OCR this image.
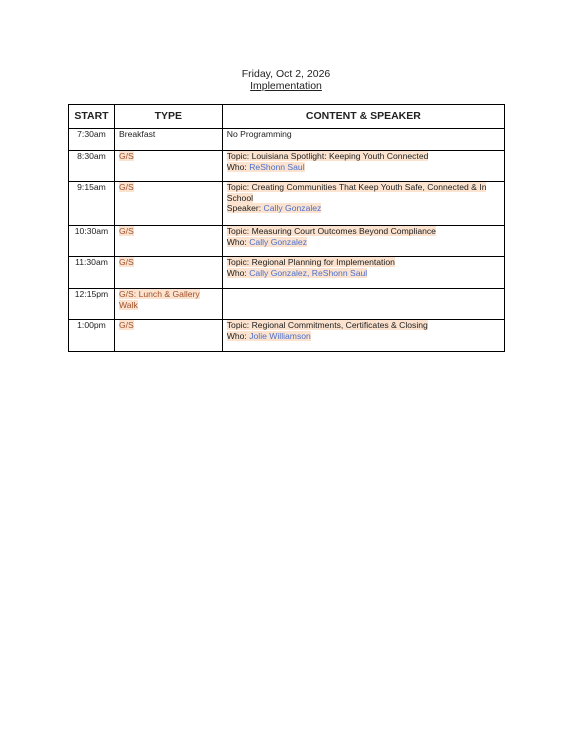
Friday, Oct 2, 2026
Implementation
START	TYPE	CONTENT & SPEAKER
7:30am	Breakfast	No Programming

8:30am	G/S	Topic: Louisiana Spotlight: Keeping Youth Connected
Who: ReShonn Saul

9:15am	G/S	Topic: Creating Communities That Keep Youth Safe, Connected & In School
Speaker: Cally Gonzalez

10:30am	G/S	Topic: Measuring Court Outcomes Beyond Compliance
Who: Cally Gonzalez

11:30am	G/S	Topic: Regional Planning for Implementation
Who: Cally Gonzalez, ReShonn Saul

12:15pm	G/S: Lunch & Gallery Walk	

1:00pm	G/S	Topic: Regional Commitments, Certificates & Closing
Who: Jolie Williamson
